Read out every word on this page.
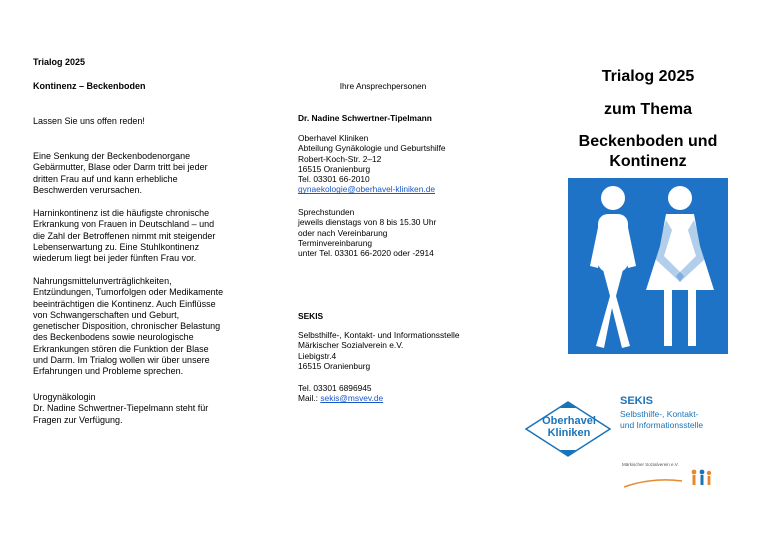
Trialog 2025
Kontinenz – Beckenboden
Lassen Sie uns offen reden!
Eine Senkung der Beckenbodenorgane
Gebärmutter, Blase oder Darm tritt bei jeder
dritten Frau auf und kann erhebliche
Beschwerden verursachen.
Harninkontinenz ist die häufigste chronische
Erkrankung von Frauen in Deutschland – und
die Zahl der Betroffenen nimmt mit steigender
Lebenserwartung zu. Eine Stuhlkontinenz
wiederum liegt bei jeder fünften Frau vor.
Nahrungsmittelunverträglichkeiten,
Entzündungen, Tumorfolgen oder Medikamente
beeinträchtigen die Kontinenz. Auch Einflüsse
von Schwangerschaften und Geburt,
genetischer Disposition, chronischer Belastung
des Beckenbodens sowie neurologische
Erkrankungen stören die Funktion der Blase
und Darm. Im Trialog wollen wir über unsere
Erfahrungen und Probleme sprechen.
Urogynäkologin
Dr. Nadine Schwertner-Tiepelmann steht für
Fragen zur Verfügung.
Ihre Ansprechpersonen
Dr. Nadine Schwertner-Tipelmann
Oberhavel Kliniken
Abteilung Gynäkologie und Geburtshilfe
Robert-Koch-Str. 2–12
16515 Oranienburg
Tel. 03301 66-2010
gynaekologie@oberhavel-kliniken.de
Sprechstunden
jeweils dienstags von 8 bis 15.30 Uhr
oder nach Vereinbarung
Terminvereinbarung
unter Tel. 03301 66-2020 oder -2914
SEKIS
Selbsthilfe-, Kontakt- und Informationsstelle
Märkischer Sozialverein e.V.
Liebigstr.4
16515 Oranienburg
Tel. 03301 6896945
Mail.: sekis@msvev.de
Trialog 2025
zum Thema
Beckenboden und
Kontinenz
Oberhavel
Kliniken
SEKIS
Selbsthilfe-, Kontakt-
und Informationsstelle
Märkischer Sozialverein e.V.
